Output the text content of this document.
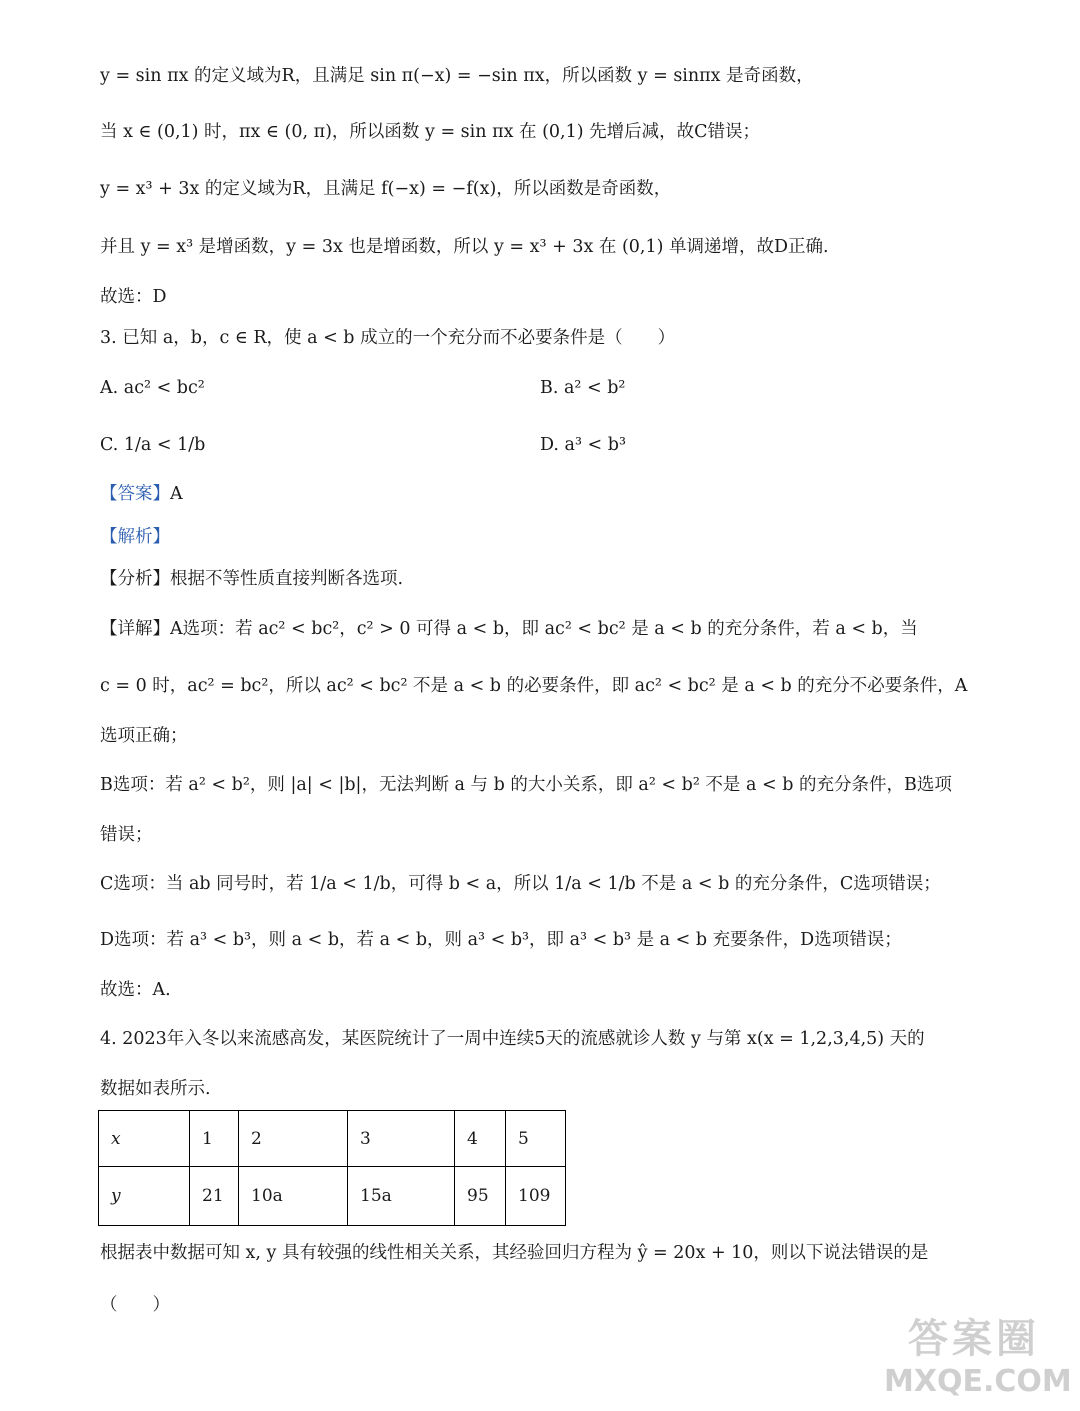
y = sin πx 的定义域为R，且满足 sin π(−x) = −sin πx，所以函数 y = sinπx 是奇函数，
当 x ∈ (0,1) 时，πx ∈ (0, π)，所以函数 y = sin πx 在 (0,1) 先增后减，故C错误；
y = x³ + 3x 的定义域为R，且满足 f(−x) = −f(x)，所以函数是奇函数，
并且 y = x³ 是增函数，y = 3x 也是增函数，所以 y = x³ + 3x 在 (0,1) 单调递增，故D正确.
故选：D
3. 已知 a，b，c ∈ R，使 a < b 成立的一个充分而不必要条件是（　　）
A. ac² < bc²	B. a² < b²
C. 1/a < 1/b	D. a³ < b³
【答案】A
【解析】
【分析】根据不等性质直接判断各选项.
【详解】A选项：若 ac² < bc²，c² > 0 可得 a < b，即 ac² < bc² 是 a < b 的充分条件，若 a < b，当
c = 0 时，ac² = bc²，所以 ac² < bc² 不是 a < b 的必要条件，即 ac² < bc² 是 a < b 的充分不必要条件，A
选项正确；
B选项：若 a² < b²，则 |a| < |b|，无法判断 a 与 b 的大小关系，即 a² < b² 不是 a < b 的充分条件，B选项
错误；
C选项：当 ab 同号时，若 1/a < 1/b，可得 b < a，所以 1/a < 1/b 不是 a < b 的充分条件，C选项错误；
D选项：若 a³ < b³，则 a < b，若 a < b，则 a³ < b³，即 a³ < b³ 是 a < b 充要条件，D选项错误；
故选：A.
4. 2023年入冬以来流感高发，某医院统计了一周中连续5天的流感就诊人数 y 与第 x(x = 1,2,3,4,5) 天的
数据如表所示.
x	1	2	3	4	5
y	21	10a	15a	95	109
根据表中数据可知 x, y 具有较强的线性相关关系，其经验回归方程为 ŷ = 20x + 10，则以下说法错误的是
（　　）
答案圈
MXQE.COM
